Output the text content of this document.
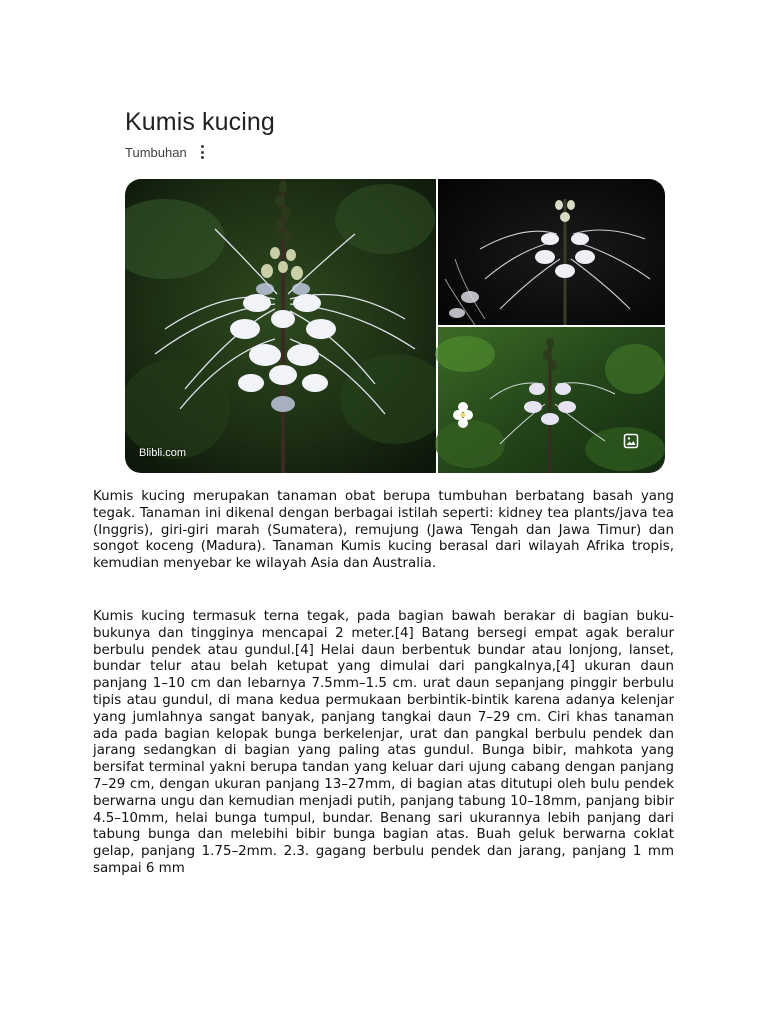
Kumis kucing
Tumbuhan
Blibli.com

Kumis kucing merupakan tanaman obat berupa tumbuhan berbatang basah yang tegak. Tanaman ini dikenal dengan berbagai istilah seperti: kidney tea plants/java tea (Inggris), giri-giri marah (Sumatera), remujung (Jawa Tengah dan Jawa Timur) dan songot koceng (Madura). Tanaman Kumis kucing berasal dari wilayah Afrika tropis, kemudian menyebar ke wilayah Asia dan Australia.

Kumis kucing termasuk terna tegak, pada bagian bawah berakar di bagian buku-bukunya dan tingginya mencapai 2 meter.[4] Batang bersegi empat agak beralur berbulu pendek atau gundul.[4] Helai daun berbentuk bundar atau lonjong, lanset, bundar telur atau belah ketupat yang dimulai dari pangkalnya,[4] ukuran daun panjang 1–10 cm dan lebarnya 7.5mm–1.5 cm. urat daun sepanjang pinggir berbulu tipis atau gundul, di mana kedua permukaan berbintik-bintik karena adanya kelenjar yang jumlahnya sangat banyak, panjang tangkai daun 7–29 cm. Ciri khas tanaman ada pada bagian kelopak bunga berkelenjar, urat dan pangkal berbulu pendek dan jarang sedangkan di bagian yang paling atas gundul. Bunga bibir, mahkota yang bersifat terminal yakni berupa tandan yang keluar dari ujung cabang dengan panjang 7–29 cm, dengan ukuran panjang 13–27mm, di bagian atas ditutupi oleh bulu pendek berwarna ungu dan kemudian menjadi putih, panjang tabung 10–18mm, panjang bibir 4.5–10mm, helai bunga tumpul, bundar. Benang sari ukurannya lebih panjang dari tabung bunga dan melebihi bibir bunga bagian atas. Buah geluk berwarna coklat gelap, panjang 1.75–2mm. 2.3. gagang berbulu pendek dan jarang, panjang 1 mm sampai 6 mm
